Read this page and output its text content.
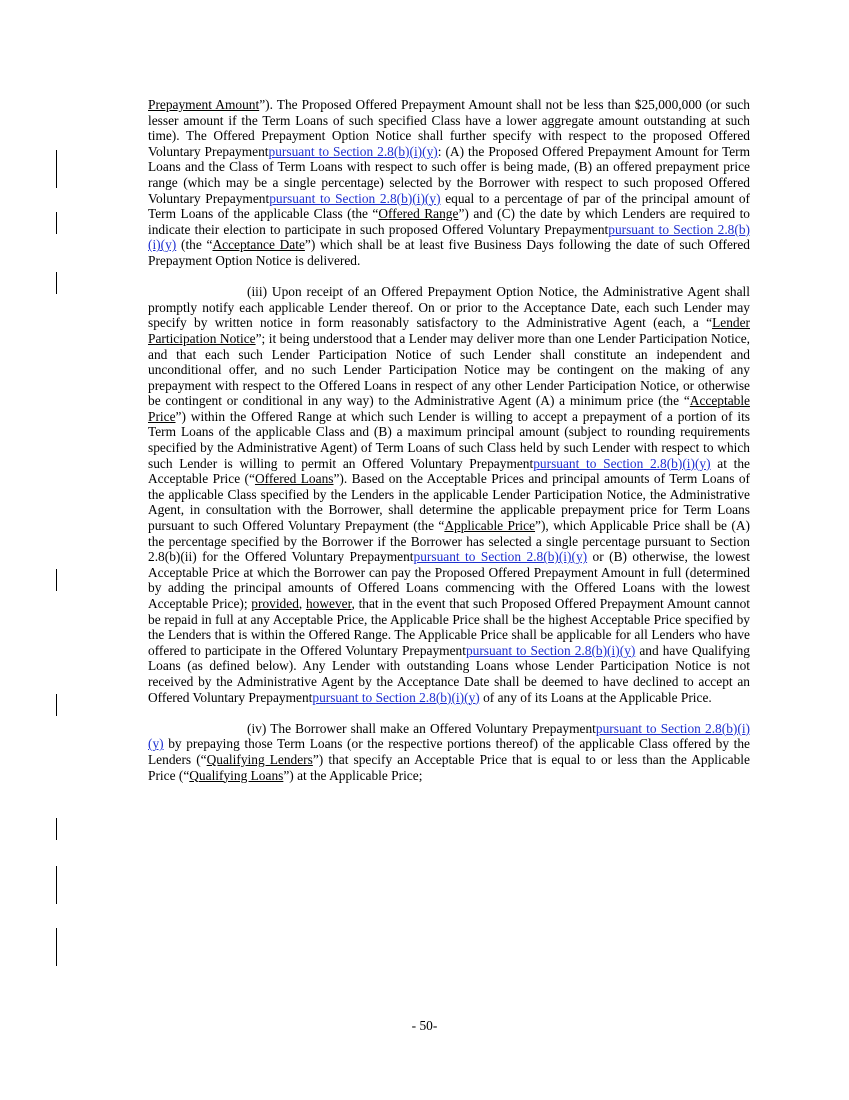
Prepayment Amount”). The Proposed Offered Prepayment Amount shall not be less than $25,000,000 (or such lesser amount if the Term Loans of such specified Class have a lower aggregate amount outstanding at such time). The Offered Prepayment Option Notice shall further specify with respect to the proposed Offered Voluntary Prepaymentpursuant to Section 2.8(b)(i)(y): (A) the Proposed Offered Prepayment Amount for Term Loans and the Class of Term Loans with respect to such offer is being made, (B) an offered prepayment price range (which may be a single percentage) selected by the Borrower with respect to such proposed Offered Voluntary Prepaymentpursuant to Section 2.8(b)(i)(y) equal to a percentage of par of the principal amount of Term Loans of the applicable Class (the “Offered Range”) and (C) the date by which Lenders are required to indicate their election to participate in such proposed Offered Voluntary Prepaymentpursuant to Section 2.8(b)(i)(y) (the “Acceptance Date”) which shall be at least five Business Days following the date of such Offered Prepayment Option Notice is delivered.

(iii) Upon receipt of an Offered Prepayment Option Notice, the Administrative Agent shall promptly notify each applicable Lender thereof. On or prior to the Acceptance Date, each such Lender may specify by written notice in form reasonably satisfactory to the Administrative Agent (each, a “Lender Participation Notice”; it being understood that a Lender may deliver more than one Lender Participation Notice, and that each such Lender Participation Notice of such Lender shall constitute an independent and unconditional offer, and no such Lender Participation Notice may be contingent on the making of any prepayment with respect to the Offered Loans in respect of any other Lender Participation Notice, or otherwise be contingent or conditional in any way) to the Administrative Agent (A) a minimum price (the “Acceptable Price”) within the Offered Range at which such Lender is willing to accept a prepayment of a portion of its Term Loans of the applicable Class and (B) a maximum principal amount (subject to rounding requirements specified by the Administrative Agent) of Term Loans of such Class held by such Lender with respect to which such Lender is willing to permit an Offered Voluntary Prepaymentpursuant to Section 2.8(b)(i)(y) at the Acceptable Price (“Offered Loans”). Based on the Acceptable Prices and principal amounts of Term Loans of the applicable Class specified by the Lenders in the applicable Lender Participation Notice, the Administrative Agent, in consultation with the Borrower, shall determine the applicable prepayment price for Term Loans pursuant to such Offered Voluntary Prepayment (the “Applicable Price”), which Applicable Price shall be (A) the percentage specified by the Borrower if the Borrower has selected a single percentage pursuant to Section 2.8(b)(ii) for the Offered Voluntary Prepaymentpursuant to Section 2.8(b)(i)(y) or (B) otherwise, the lowest Acceptable Price at which the Borrower can pay the Proposed Offered Prepayment Amount in full (determined by adding the principal amounts of Offered Loans commencing with the Offered Loans with the lowest Acceptable Price); provided, however, that in the event that such Proposed Offered Prepayment Amount cannot be repaid in full at any Acceptable Price, the Applicable Price shall be the highest Acceptable Price specified by the Lenders that is within the Offered Range. The Applicable Price shall be applicable for all Lenders who have offered to participate in the Offered Voluntary Prepaymentpursuant to Section 2.8(b)(i)(y) and have Qualifying Loans (as defined below). Any Lender with outstanding Loans whose Lender Participation Notice is not received by the Administrative Agent by the Acceptance Date shall be deemed to have declined to accept an Offered Voluntary Prepaymentpursuant to Section 2.8(b)(i)(y) of any of its Loans at the Applicable Price.

(iv) The Borrower shall make an Offered Voluntary Prepaymentpursuant to Section 2.8(b)(i)(y) by prepaying those Term Loans (or the respective portions thereof) of the applicable Class offered by the Lenders (“Qualifying Lenders”) that specify an Acceptable Price that is equal to or less than the Applicable Price (“Qualifying Loans”) at the Applicable Price;

- 50-
